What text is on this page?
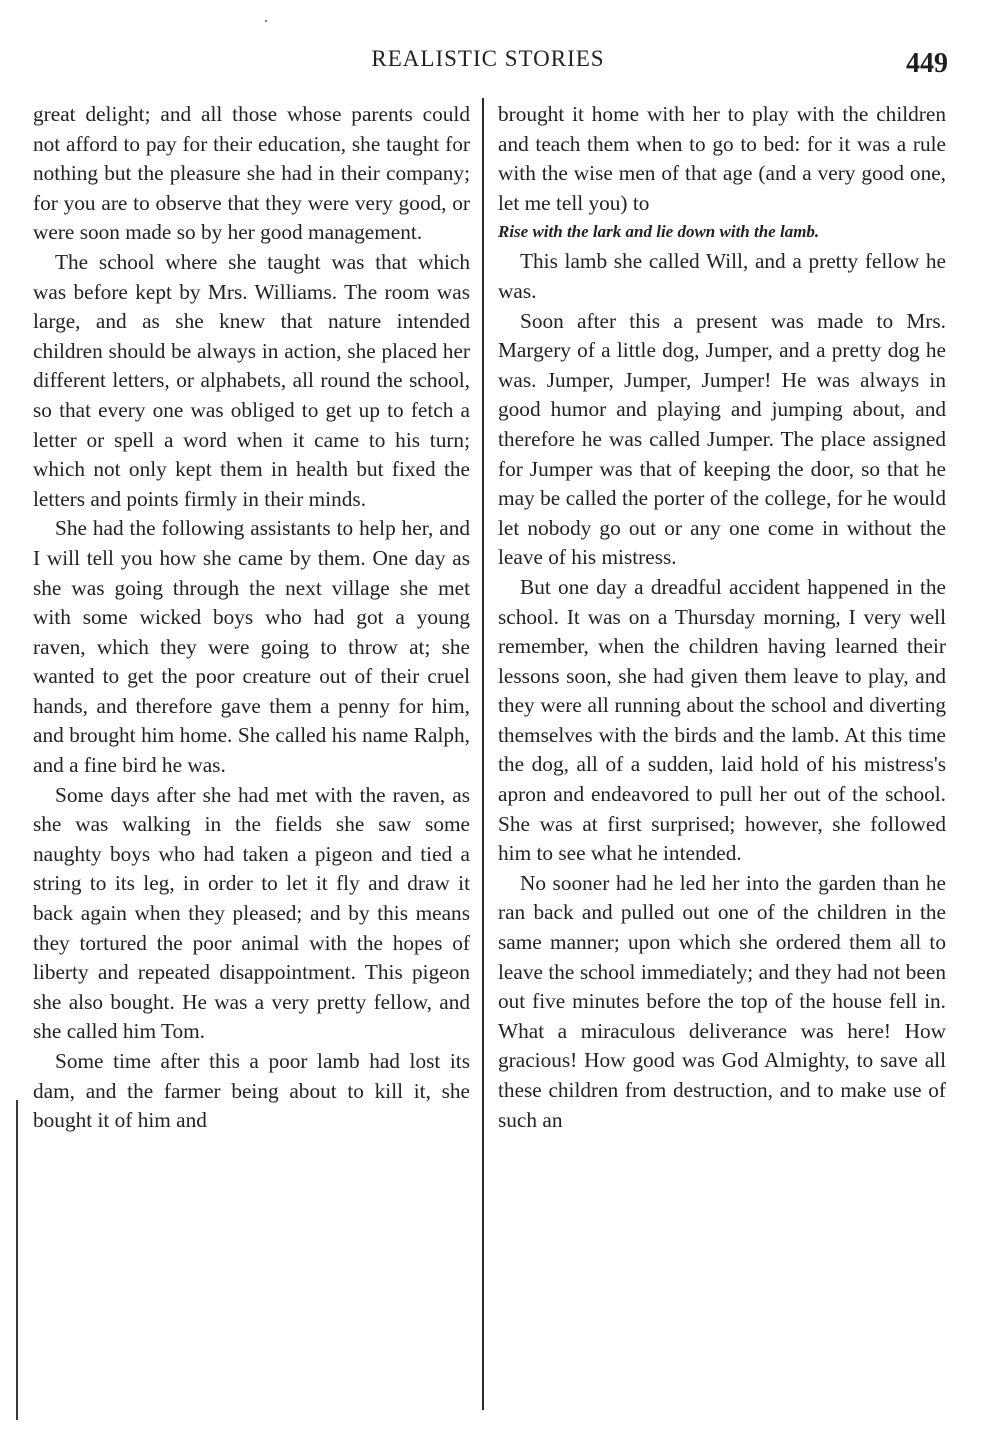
REALISTIC STORIES	449

great delight; and all those whose parents could not afford to pay for their education, she taught for nothing but the pleasure she had in their company; for you are to observe that they were very good, or were soon made so by her good management.

The school where she taught was that which was before kept by Mrs. Williams. The room was large, and as she knew that nature intended children should be always in action, she placed her different letters, or alphabets, all round the school, so that every one was obliged to get up to fetch a letter or spell a word when it came to his turn; which not only kept them in health but fixed the letters and points firmly in their minds.

She had the following assistants to help her, and I will tell you how she came by them. One day as she was going through the next village she met with some wicked boys who had got a young raven, which they were going to throw at; she wanted to get the poor creature out of their cruel hands, and therefore gave them a penny for him, and brought him home. She called his name Ralph, and a fine bird he was.

Some days after she had met with the raven, as she was walking in the fields she saw some naughty boys who had taken a pigeon and tied a string to its leg, in order to let it fly and draw it back again when they pleased; and by this means they tortured the poor animal with the hopes of liberty and repeated disappointment. This pigeon she also bought. He was a very pretty fellow, and she called him Tom.

Some time after this a poor lamb had lost its dam, and the farmer being about to kill it, she bought it of him and

brought it home with her to play with the children and teach them when to go to bed: for it was a rule with the wise men of that age (and a very good one, let me tell you) to

Rise with the lark and lie down with the lamb.

This lamb she called Will, and a pretty fellow he was.

Soon after this a present was made to Mrs. Margery of a little dog, Jumper, and a pretty dog he was. Jumper, Jumper, Jumper! He was always in good humor and playing and jumping about, and therefore he was called Jumper. The place assigned for Jumper was that of keeping the door, so that he may be called the porter of the college, for he would let nobody go out or any one come in without the leave of his mistress.

But one day a dreadful accident happened in the school. It was on a Thursday morning, I very well remember, when the children having learned their lessons soon, she had given them leave to play, and they were all running about the school and diverting themselves with the birds and the lamb. At this time the dog, all of a sudden, laid hold of his mistress's apron and endeavored to pull her out of the school. She was at first surprised; however, she followed him to see what he intended.

No sooner had he led her into the garden than he ran back and pulled out one of the children in the same manner; upon which she ordered them all to leave the school immediately; and they had not been out five minutes before the top of the house fell in. What a miraculous deliverance was here! How gracious! How good was God Almighty, to save all these children from destruction, and to make use of such an
